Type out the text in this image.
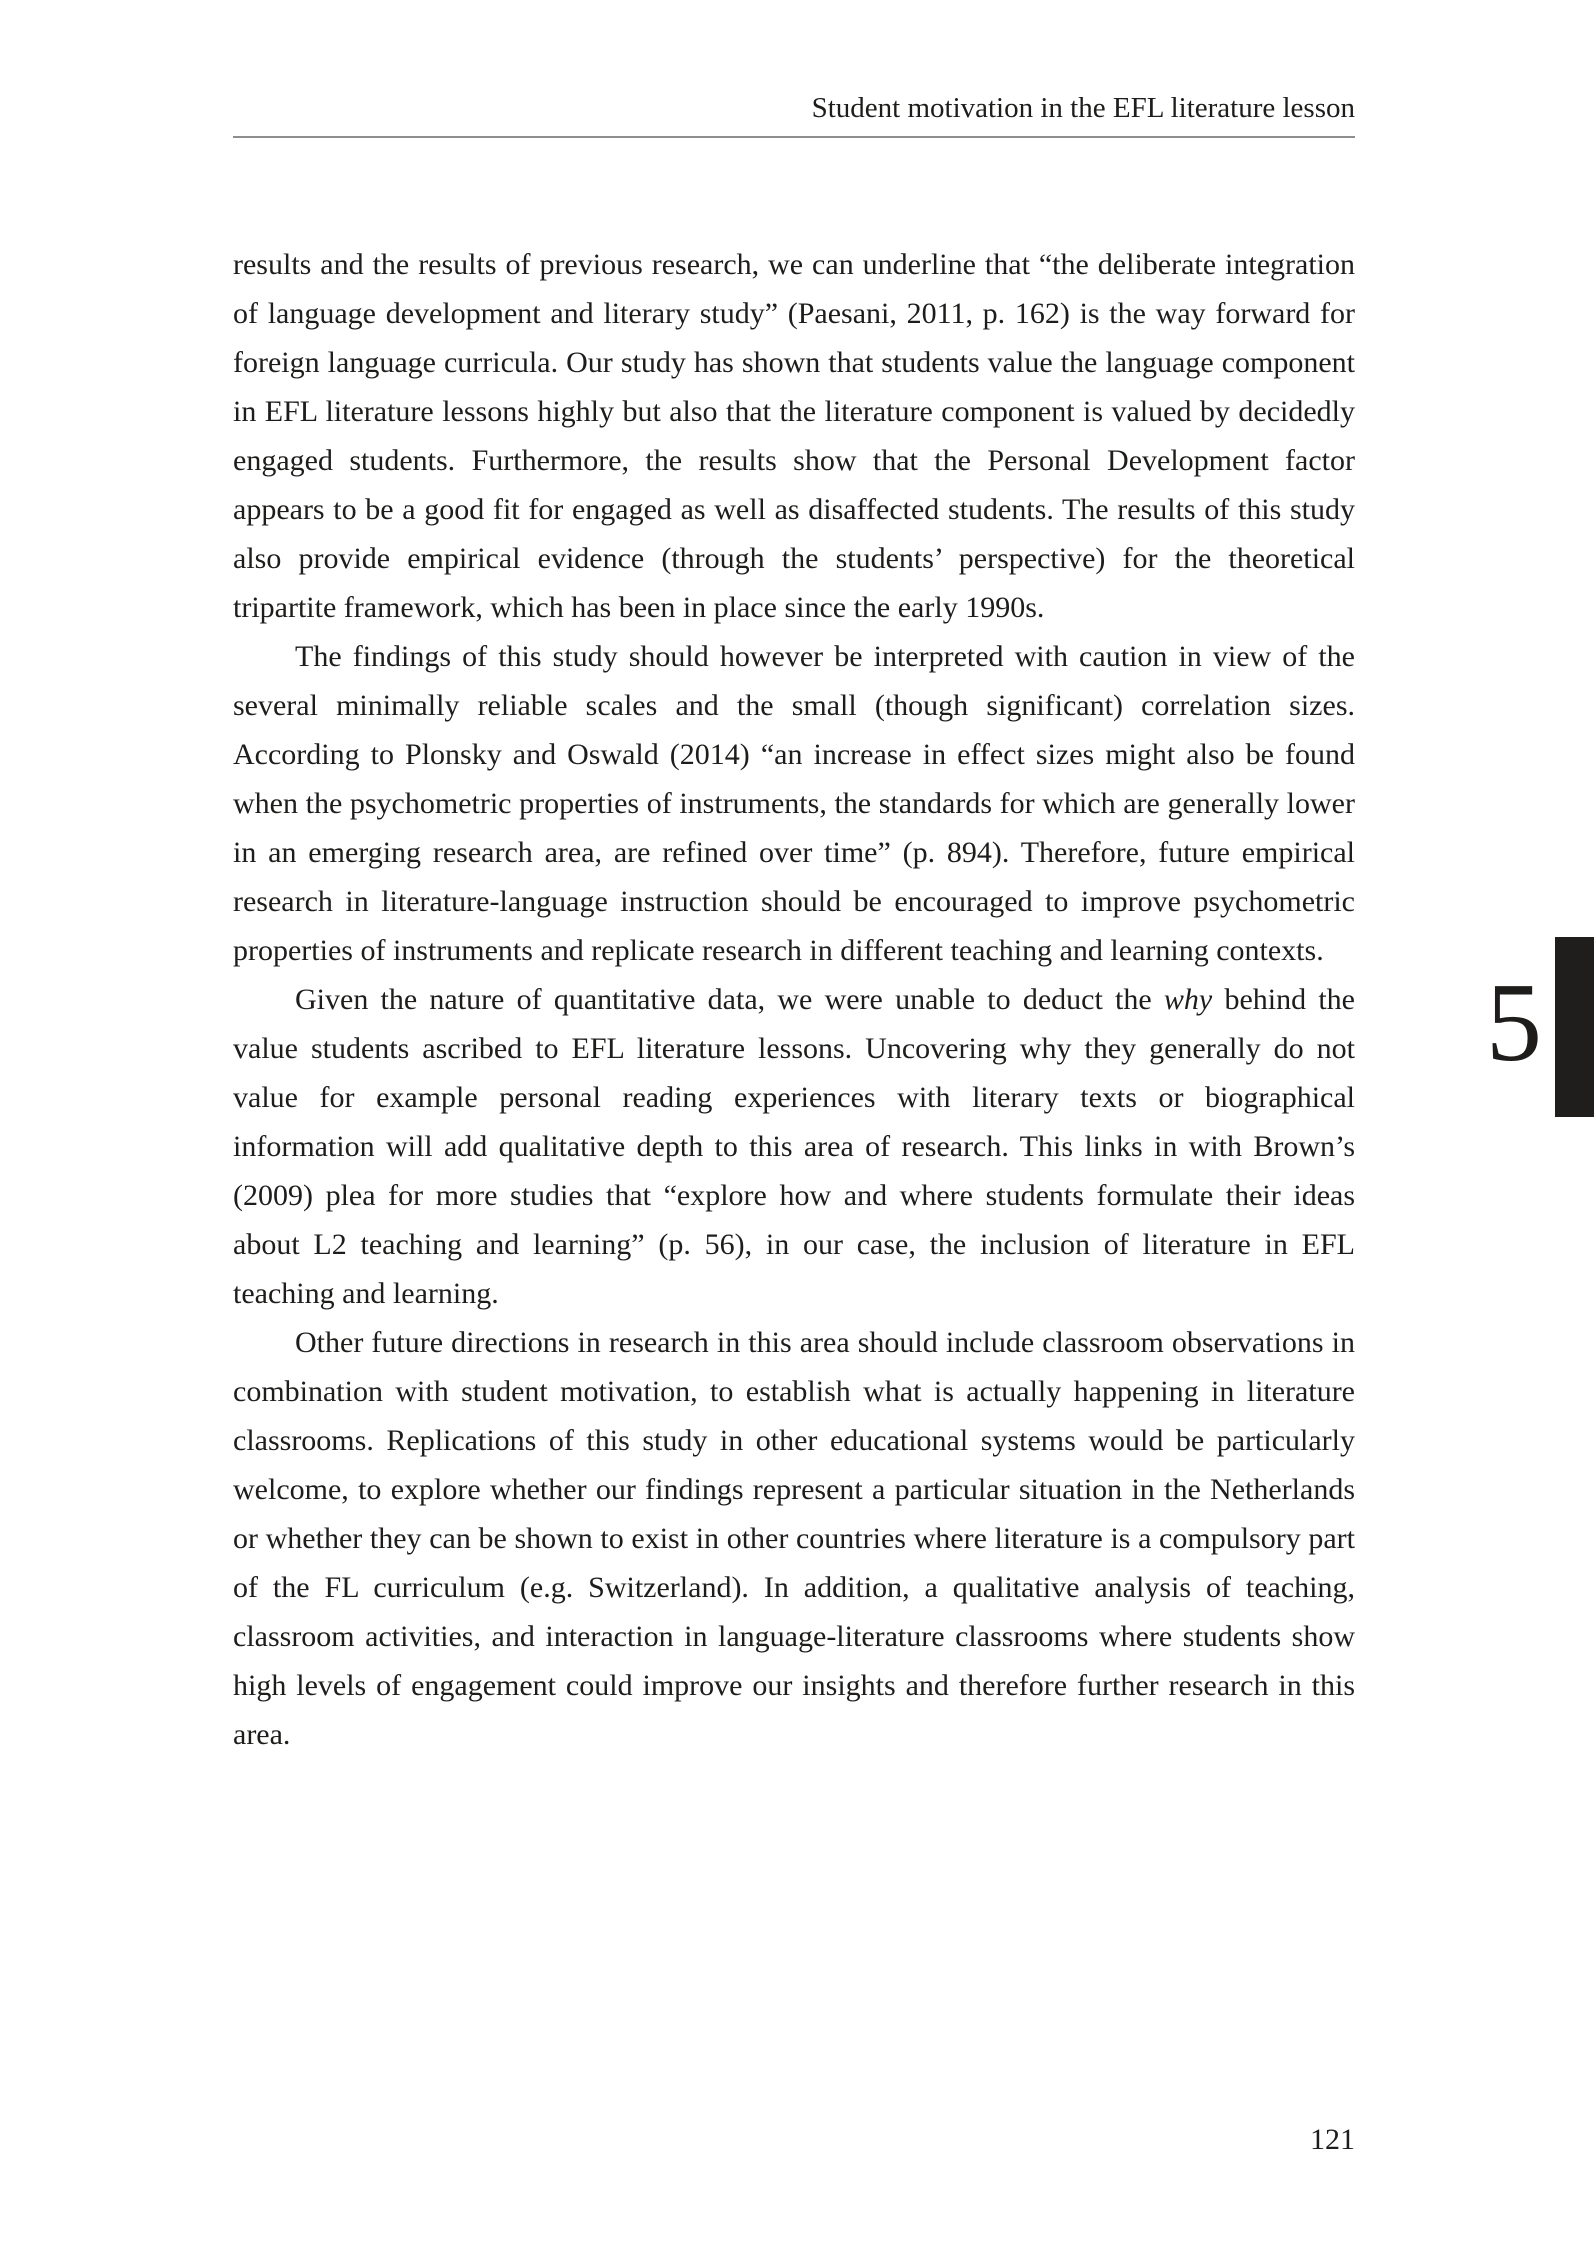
Student motivation in the EFL literature lesson

results and the results of previous research, we can underline that “the deliberate integration of language development and literary study” (Paesani, 2011, p. 162) is the way forward for foreign language curricula. Our study has shown that students value the language component in EFL literature lessons highly but also that the literature component is valued by decidedly engaged students. Furthermore, the results show that the Personal Development factor appears to be a good fit for engaged as well as disaffected students. The results of this study also provide empirical evidence (through the students’ perspective) for the theoretical tripartite framework, which has been in place since the early 1990s.

The findings of this study should however be interpreted with caution in view of the several minimally reliable scales and the small (though significant) correlation sizes. According to Plonsky and Oswald (2014) “an increase in effect sizes might also be found when the psychometric properties of instruments, the standards for which are generally lower in an emerging research area, are refined over time” (p. 894). Therefore, future empirical research in literature-language instruction should be encouraged to improve psychometric properties of instruments and replicate research in different teaching and learning contexts.

Given the nature of quantitative data, we were unable to deduct the why behind the value students ascribed to EFL literature lessons. Uncovering why they generally do not value for example personal reading experiences with literary texts or biographical information will add qualitative depth to this area of research. This links in with Brown’s (2009) plea for more studies that “explore how and where students formulate their ideas about L2 teaching and learning” (p. 56), in our case, the inclusion of literature in EFL teaching and learning.

Other future directions in research in this area should include classroom observations in combination with student motivation, to establish what is actually happening in literature classrooms. Replications of this study in other educational systems would be particularly welcome, to explore whether our findings represent a particular situation in the Netherlands or whether they can be shown to exist in other countries where literature is a compulsory part of the FL curriculum (e.g. Switzerland). In addition, a qualitative analysis of teaching, classroom activities, and interaction in language-literature classrooms where students show high levels of engagement could improve our insights and therefore further research in this area.

5
121
